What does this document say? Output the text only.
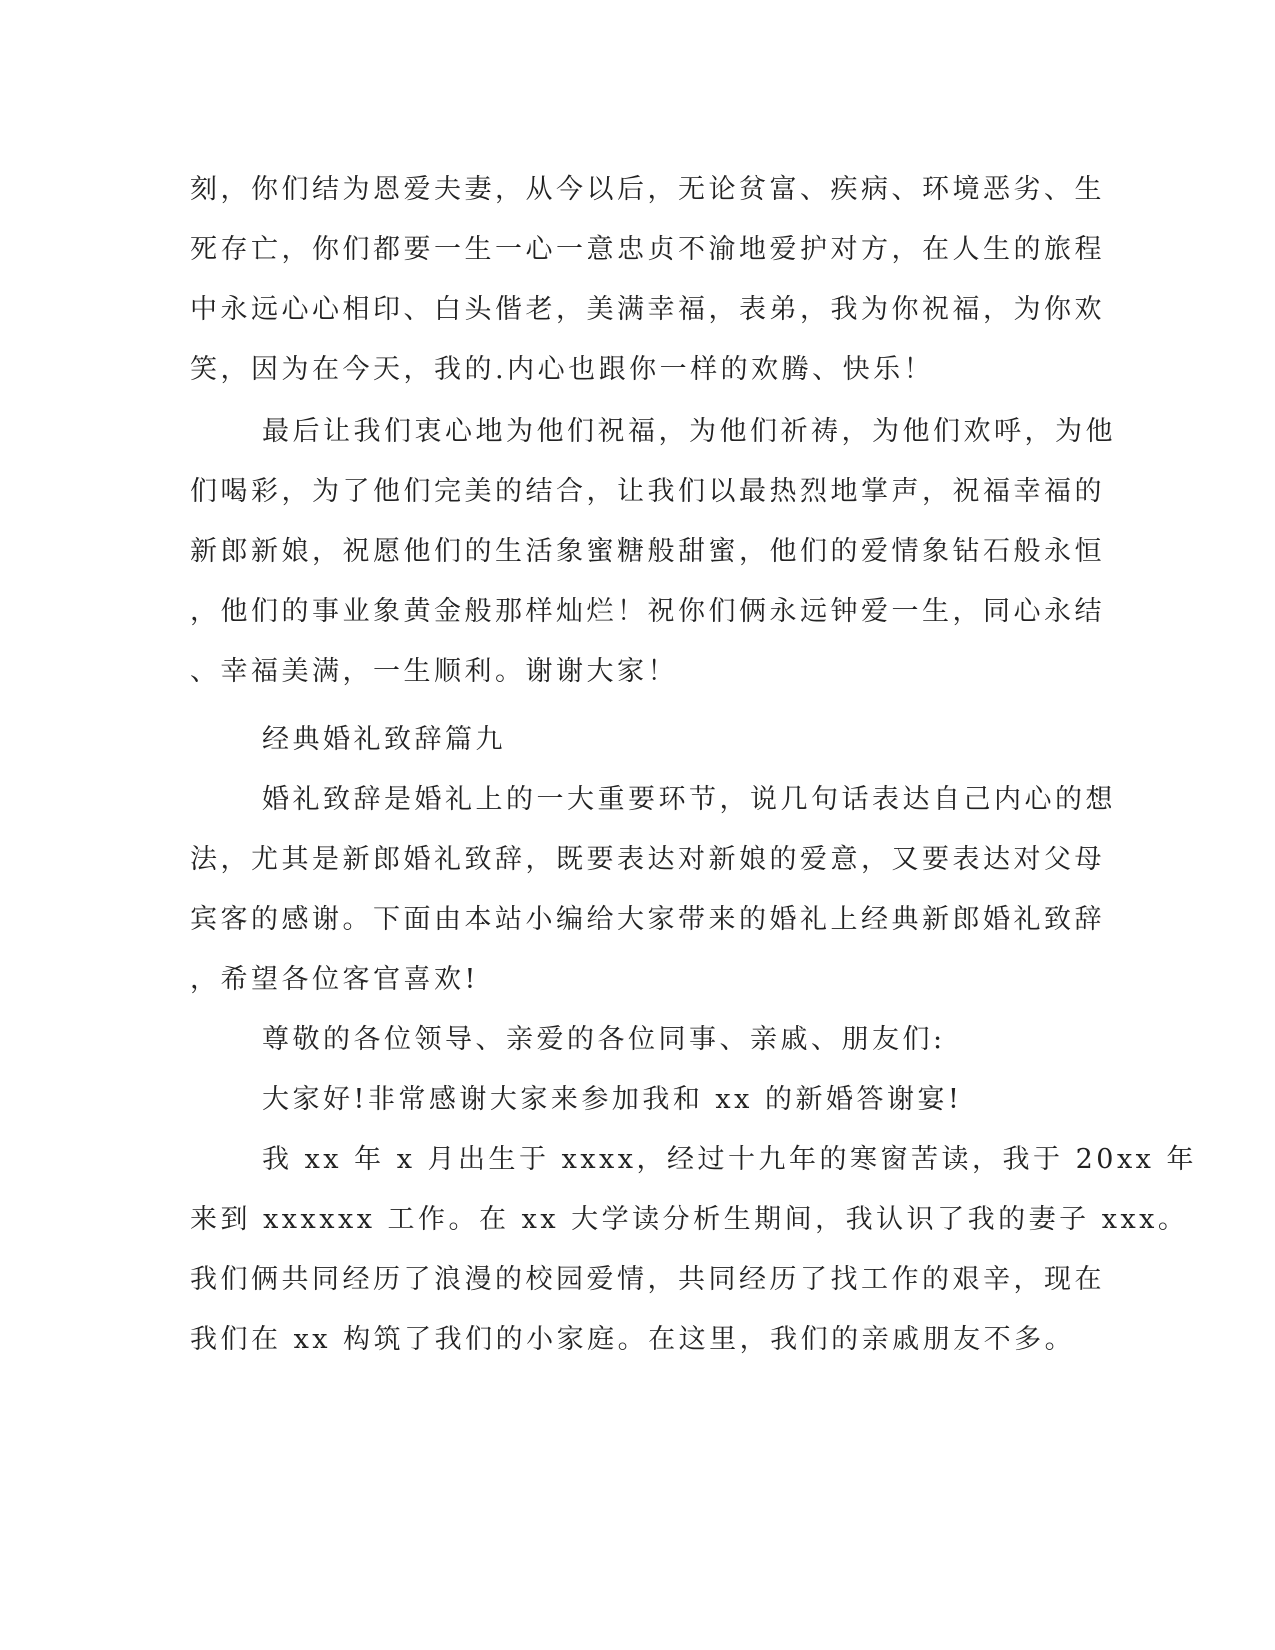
刻，你们结为恩爱夫妻，从今以后，无论贫富、疾病、环境恶劣、生
死存亡，你们都要一生一心一意忠贞不渝地爱护对方，在人生的旅程
中永远心心相印、白头偕老，美满幸福，表弟，我为你祝福，为你欢
笑，因为在今天，我的.内心也跟你一样的欢腾、快乐！
最后让我们衷心地为他们祝福，为他们祈祷，为他们欢呼，为他
们喝彩，为了他们完美的结合，让我们以最热烈地掌声，祝福幸福的
新郎新娘，祝愿他们的生活象蜜糖般甜蜜，他们的爱情象钻石般永恒
，他们的事业象黄金般那样灿烂！祝你们俩永远钟爱一生，同心永结
、幸福美满，一生顺利。谢谢大家！
经典婚礼致辞篇九
婚礼致辞是婚礼上的一大重要环节，说几句话表达自己内心的想
法，尤其是新郎婚礼致辞，既要表达对新娘的爱意，又要表达对父母
宾客的感谢。下面由本站小编给大家带来的婚礼上经典新郎婚礼致辞
，希望各位客官喜欢!
尊敬的各位领导、亲爱的各位同事、亲戚、朋友们:
大家好!非常感谢大家来参加我和 xx 的新婚答谢宴!
我 xx 年 x 月出生于 xxxx，经过十九年的寒窗苦读，我于 20xx 年
来到 xxxxxx 工作。在 xx 大学读分析生期间，我认识了我的妻子 xxx。
我们俩共同经历了浪漫的校园爱情，共同经历了找工作的艰辛，现在
我们在 xx 构筑了我们的小家庭。在这里，我们的亲戚朋友不多。
